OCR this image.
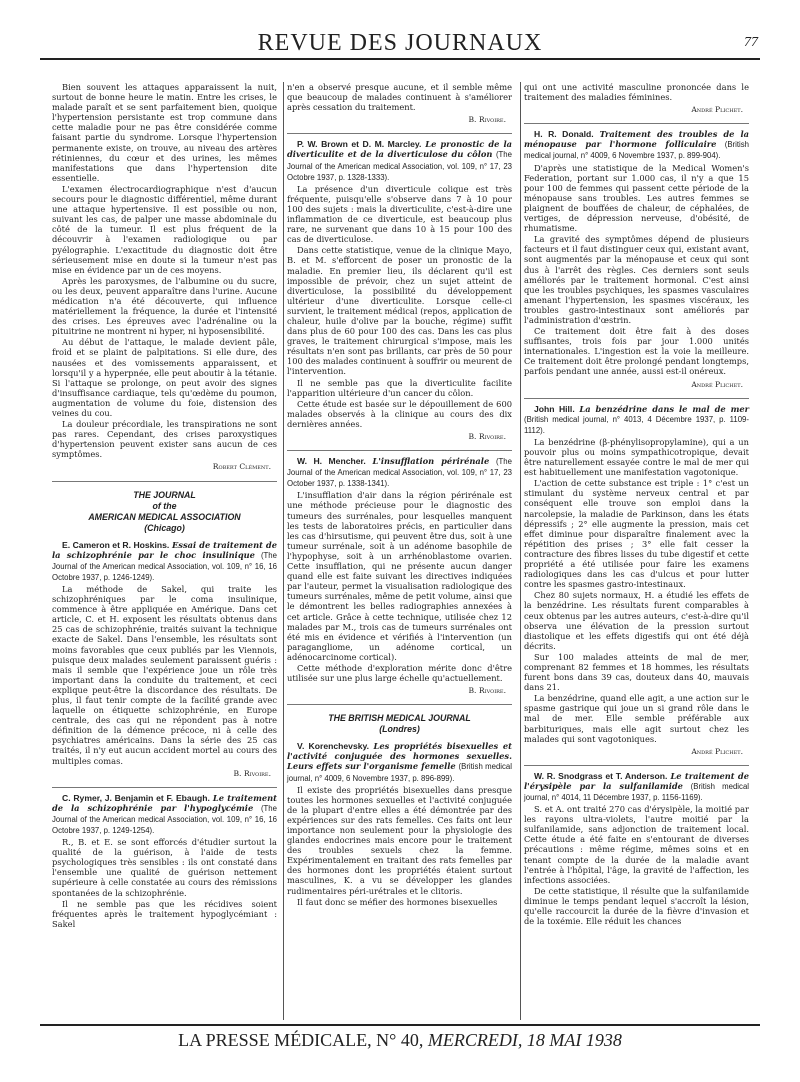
REVUE DES JOURNAUX	77

Bien souvent les attaques apparaissent la nuit, surtout de bonne heure le matin. Entre les crises, le malade paraît et se sent parfaitement bien, quoique l'hypertension persistante est trop commune dans cette maladie pour ne pas être considérée comme faisant partie du syndrome. Lorsque l'hypertension permanente existe, on trouve, au niveau des artères rétiniennes, du cœur et des urines, les mêmes manifestations que dans l'hypertension dite essentielle.

L'examen électrocardiographique n'est d'aucun secours pour le diagnostic différentiel, même durant une attaque hypertensive. Il est possible ou non, suivant les cas, de palper une masse abdominale du côté de la tumeur. Il est plus fréquent de la découvrir à l'examen radiologique ou par pyélographie. L'exactitude du diagnostic doit être sérieusement mise en doute si la tumeur n'est pas mise en évidence par un de ces moyens.

Après les paroxysmes, de l'albumine ou du sucre, ou les deux, peuvent apparaître dans l'urine. Aucune médication n'a été découverte, qui influence matériellement la fréquence, la durée et l'intensité des crises. Les épreuves avec l'adrénaline ou la pituitrine ne montrent ni hyper, ni hyposensibilité.

Au début de l'attaque, le malade devient pâle, froid et se plaint de palpitations. Si elle dure, des nausées et des vomissements apparaissent, et lorsqu'il y a hyperpnée, elle peut aboutir à la tétanie. Si l'attaque se prolonge, on peut avoir des signes d'insuffisance cardiaque, tels qu'œdème du poumon, augmentation de volume du foie, distension des veines du cou.

La douleur précordiale, les transpirations ne sont pas rares. Cependant, des crises paroxystiques d'hypertension peuvent exister sans aucun de ces symptômes.

Robert Clément.
THE JOURNAL
of the
AMERICAN MEDICAL ASSOCIATION
(Chicago)

E. Cameron et R. Hoskins. Essai de traitement de la schizophrénie par le choc insulinique (The Journal of the American medical Association, vol. 109, n° 16, 16 Octobre 1937, p. 1246-1249).

La méthode de Sakel, qui traite les schizophréniques par le coma insulinique, commence à être appliquée en Amérique. Dans cet article, C. et H. exposent les résultats obtenus dans 25 cas de schizophrénie, traités suivant la technique exacte de Sakel. Dans l'ensemble, les résultats sont moins favorables que ceux publiés par les Viennois, puisque deux malades seulement paraissent guéris : mais il semble que l'expérience joue un rôle très important dans la conduite du traitement, et ceci explique peut-être la discordance des résultats. De plus, il faut tenir compte de la facilité grande avec laquelle on étiquette schizophrénie, en Europe centrale, des cas qui ne répondent pas à notre définition de la démence précoce, ni à celle des psychiatres américains. Dans la série des 25 cas traités, il n'y eut aucun accident mortel au cours des multiples comas.

B. Rivoire.

C. Rymer, J. Benjamin et F. Ebaugh. Le traitement de la schizophrénie par l'hypoglycémie (The Journal of the American medical Association, vol. 109, n° 16, 16 Octobre 1937, p. 1249-1254).

R., B. et E. se sont efforcés d'étudier surtout la qualité de la guérison, à l'aide de tests psychologiques très sensibles : ils ont constaté dans l'ensemble une qualité de guérison nettement supérieure à celle constatée au cours des rémissions spontanées de la schizophrénie.

Il ne semble pas que les récidives soient fréquentes après le traitement hypoglycémiant : Sakel

n'en a observé presque aucune, et il semble même que beaucoup de malades continuent à s'améliorer après cessation du traitement.

B. Rivoire.

P. W. Brown et D. M. Marcley. Le pronostic de la diverticulite et de la diverticulose du côlon (The Journal of the American medical Association, vol. 109, n° 17, 23 Octobre 1937, p. 1328-1333).

La présence d'un diverticule colique est très fréquente, puisqu'elle s'observe dans 7 à 10 pour 100 des sujets : mais la diverticulite, c'est-à-dire une inflammation de ce diverticule, est beaucoup plus rare, ne survenant que dans 10 à 15 pour 100 des cas de diverticulose.

Dans cette statistique, venue de la clinique Mayo, B. et M. s'efforcent de poser un pronostic de la maladie. En premier lieu, ils déclarent qu'il est impossible de prévoir, chez un sujet atteint de diverticulose, la possibilité du développement ultérieur d'une diverticulite. Lorsque celle-ci survient, le traitement médical (repos, application de chaleur, huile d'olive par la bouche, régime) suffit dans plus de 60 pour 100 des cas. Dans les cas plus graves, le traitement chirurgical s'impose, mais les résultats n'en sont pas brillants, car près de 50 pour 100 des malades continuent à souffrir ou meurent de l'intervention.

Il ne semble pas que la diverticulite facilite l'apparition ultérieure d'un cancer du côlon.

Cette étude est basée sur le dépouillement de 600 malades observés à la clinique au cours des dix dernières années.

B. Rivoire.

W. H. Mencher. L'insufflation périrénale (The Journal of the American medical Association, vol. 109, n° 17, 23 October 1937, p. 1338-1341).

L'insufflation d'air dans la région périrénale est une méthode précieuse pour le diagnostic des tumeurs des surrénales, pour lesquelles manquent les tests de laboratoires précis, en particulier dans les cas d'hirsutisme, qui peuvent être dus, soit à une tumeur surrénale, soit à un adénome basophile de l'hypophyse, soit à un arrhénoblastome ovarien. Cette insufflation, qui ne présente aucun danger quand elle est faite suivant les directives indiquées par l'auteur, permet la visualisation radiologique des tumeurs surrénales, même de petit volume, ainsi que le démontrent les belles radiographies annexées à cet article. Grâce à cette technique, utilisée chez 12 malades par M., trois cas de tumeurs surrénales ont été mis en évidence et vérifiés à l'intervention (un paragangliome, un adénome cortical, un adénocarcinome cortical).

Cette méthode d'exploration mérite donc d'être utilisée sur une plus large échelle qu'actuellement.

B. Rivoire.
THE BRITISH MEDICAL JOURNAL
(Londres)

V. Korenchevsky. Les propriétés bisexuelles et l'activité conjuguée des hormones sexuelles. Leurs effets sur l'organisme femelle (British medical journal, n° 4009, 6 Novembre 1937, p. 896-899).

Il existe des propriétés bisexuelles dans presque toutes les hormones sexuelles et l'activité conjuguée de la plupart d'entre elles a été démontrée par des expériences sur des rats femelles. Ces faits ont leur importance non seulement pour la physiologie des glandes endocrines mais encore pour le traitement des troubles sexuels chez la femme. Expérimentalement en traitant des rats femelles par des hormones dont les propriétés étaient surtout masculines, K. a vu se développer les glandes rudimentaires péri-urétrales et le clitoris.

Il faut donc se méfier des hormones bisexuelles

qui ont une activité masculine prononcée dans le traitement des maladies féminines.

André Plichet.

H. R. Donald. Traitement des troubles de la ménopause par l'hormone folliculaire (British medical journal, n° 4009, 6 Novembre 1937, p. 899-904).

D'après une statistique de la Medical Women's Federation, portant sur 1.000 cas, il n'y a que 15 pour 100 de femmes qui passent cette période de la ménopause sans troubles. Les autres femmes se plaignent de bouffées de chaleur, de céphalées, de vertiges, de dépression nerveuse, d'obésité, de rhumatisme.

La gravité des symptômes dépend de plusieurs facteurs et il faut distinguer ceux qui, existant avant, sont augmentés par la ménopause et ceux qui sont dus à l'arrêt des règles. Ces derniers sont seuls améliorés par le traitement hormonal. C'est ainsi que les troubles psychiques, les spasmes vasculaires amenant l'hypertension, les spasmes viscéraux, les troubles gastro-intestinaux sont améliorés par l'administration d'œstrin.

Ce traitement doit être fait à des doses suffisantes, trois fois par jour 1.000 unités internationales. L'ingestion est la voie la meilleure. Ce traitement doit être prolongé pendant longtemps, parfois pendant une année, aussi est-il onéreux.

André Plichet.

John Hill. La benzédrine dans le mal de mer (British medical journal, n° 4013, 4 Décembre 1937, p. 1109-1112).

La benzédrine (β-phénylisopropylamine), qui a un pouvoir plus ou moins sympathicotropique, devait être naturellement essayée contre le mal de mer qui est habituellement une manifestation vagotonique.

L'action de cette substance est triple : 1° c'est un stimulant du système nerveux central et par conséquent elle trouve son emploi dans la narcolepsie, la maladie de Parkinson, dans les états dépressifs ; 2° elle augmente la pression, mais cet effet diminue pour disparaître finalement avec la répétition des prises ; 3° elle fait cesser la contracture des fibres lisses du tube digestif et cette propriété a été utilisée pour faire les examens radiologiques dans les cas d'ulcus et pour lutter contre les spasmes gastro-intestinaux.

Chez 80 sujets normaux, H. a étudié les effets de la benzédrine. Les résultats furent comparables à ceux obtenus par les autres auteurs, c'est-à-dire qu'il observa une élévation de la pression surtout diastolique et les effets digestifs qui ont été déjà décrits.

Sur 100 malades atteints de mal de mer, comprenant 82 femmes et 18 hommes, les résultats furent bons dans 39 cas, douteux dans 40, mauvais dans 21.

La benzédrine, quand elle agit, a une action sur le spasme gastrique qui joue un si grand rôle dans le mal de mer. Elle semble préférable aux barbituriques, mais elle agit surtout chez les malades qui sont vagotoniques.

André Plichet.

W. R. Snodgrass et T. Anderson. Le traitement de l'érysipèle par la sulfanilamide (British medical journal, n° 4014, 11 Décembre 1937, p. 1156-1169).

S. et A. ont traité 270 cas d'érysipèle, la moitié par les rayons ultra-violets, l'autre moitié par la sulfanilamide, sans adjonction de traitement local. Cette étude a été faite en s'entourant de diverses précautions : même régime, mêmes soins et en tenant compte de la durée de la maladie avant l'entrée à l'hôpital, l'âge, la gravité de l'affection, les infections associées.

De cette statistique, il résulte que la sulfanilamide diminue le temps pendant lequel s'accroît la lésion, qu'elle raccourcit la durée de la fièvre d'invasion et de la toxémie. Elle réduit les chances

LA PRESSE MÉDICALE, N° 40, MERCREDI, 18 MAI 1938
